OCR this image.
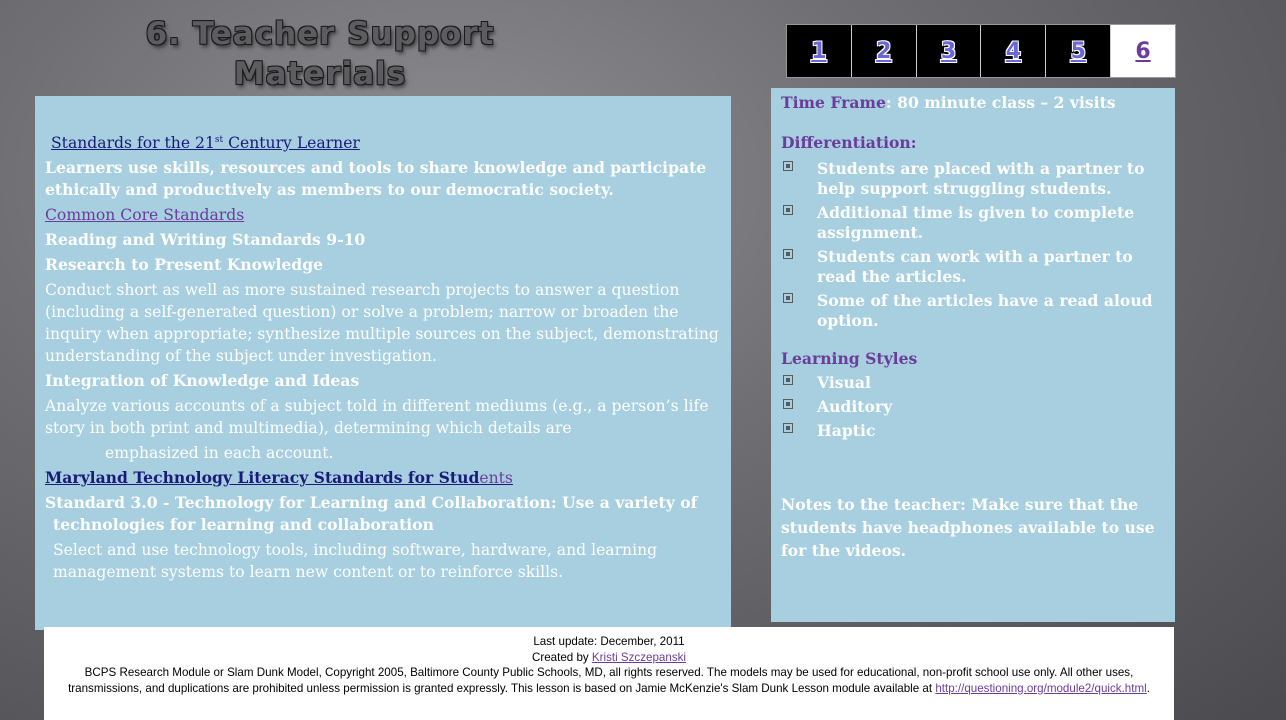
6. Teacher Support
Materials
1	2	3	4	5	6

Standards for the 21st Century Learner

Learners use skills, resources and tools to share knowledge and participate ethically and productively as members to our democratic society.

Common Core Standards

Reading and Writing Standards 9-10

Research to Present Knowledge

Conduct short as well as more sustained research projects to answer a question (including a self-generated question) or solve a problem; narrow or broaden the inquiry when appropriate; synthesize multiple sources on the subject, demonstrating understanding of the subject under investigation.

Integration of Knowledge and Ideas

Analyze various accounts of a subject told in different mediums (e.g., a person’s life story in both print and multimedia), determining which details are

emphasized in each account.

Maryland Technology Literacy Standards for Students

Standard 3.0 - Technology for Learning and Collaboration: Use a variety of technologies for learning and collaboration

Select and use technology tools, including software, hardware, and learning management systems to learn new content or to reinforce skills.

Time Frame: 80 minute class – 2 visits

Differentiation:

Students are placed with a partner to help support struggling students.
Additional time is given to complete assignment.
Students can work with a partner to read the articles.
Some of the articles have a read aloud option.

Learning Styles

Visual
Auditory
Haptic

Notes to the teacher: Make sure that the students have headphones available to use for the videos.

Last update: December, 2011
Created by Kristi Szczepanski
BCPS Research Module or Slam Dunk Model, Copyright 2005, Baltimore County Public Schools, MD, all rights reserved. The models may be used for educational, non-profit school use only. All other uses, transmissions, and duplications are prohibited unless permission is granted expressly. This lesson is based on Jamie McKenzie's Slam Dunk Lesson module available at http://questioning.org/module2/quick.html.
